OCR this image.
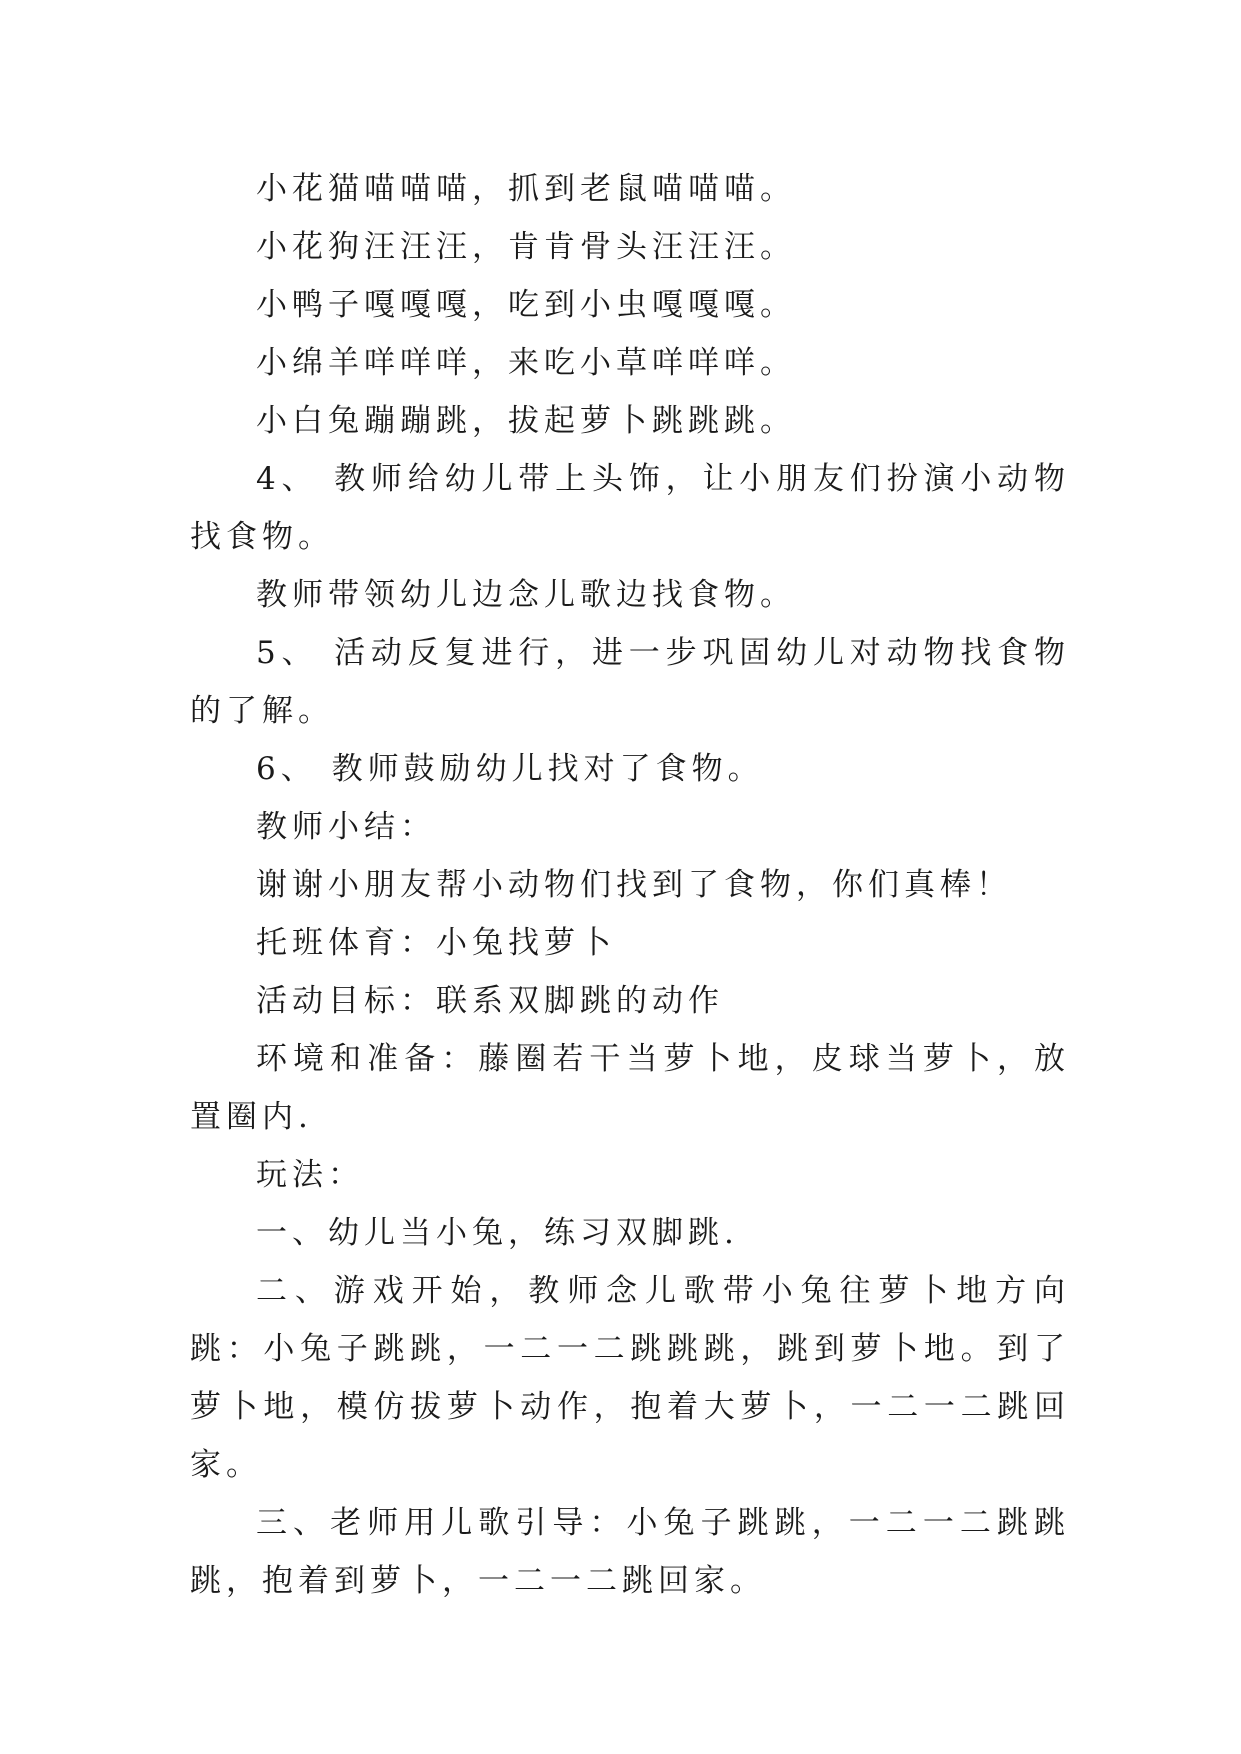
小花猫喵喵喵，抓到老鼠喵喵喵。

小花狗汪汪汪，肯肯骨头汪汪汪。

小鸭子嘎嘎嘎，吃到小虫嘎嘎嘎。

小绵羊咩咩咩，来吃小草咩咩咩。

小白兔蹦蹦跳，拔起萝卜跳跳跳。

4、 教师给幼儿带上头饰，让小朋友们扮演小动物找食物。

教师带领幼儿边念儿歌边找食物。

5、 活动反复进行，进一步巩固幼儿对动物找食物的了解。

6、 教师鼓励幼儿找对了食物。

教师小结：

谢谢小朋友帮小动物们找到了食物，你们真棒！

托班体育：小兔找萝卜

活动目标：联系双脚跳的动作

环境和准备：藤圈若干当萝卜地，皮球当萝卜，放置圈内.

玩法：

一、幼儿当小兔，练习双脚跳.

二、游戏开始，教师念儿歌带小兔往萝卜地方向跳：小兔子跳跳，一二一二跳跳跳，跳到萝卜地。到了萝卜地，模仿拔萝卜动作，抱着大萝卜，一二一二跳回家。

三、老师用儿歌引导：小兔子跳跳，一二一二跳跳跳，抱着到萝卜，一二一二跳回家。
